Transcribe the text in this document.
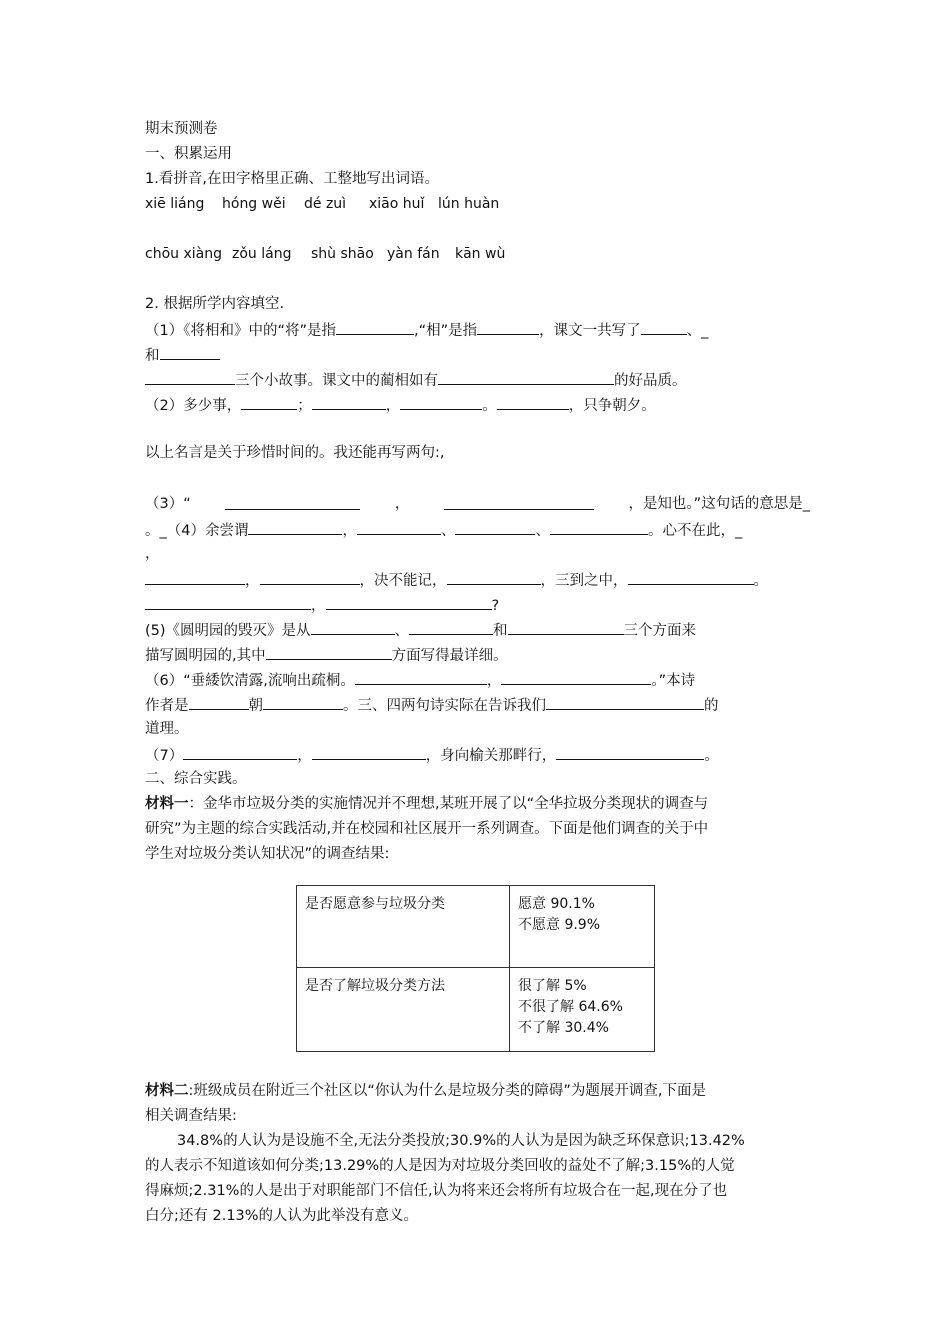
期末预测卷
一、积累运用
1.看拼音,在田字格里正确、工整地写出词语。
xiē liáng hóng wěi dé zuì xiāo huǐ lún huàn
chōu xiàng zǒu láng shù shāo yàn fán kān wù
2. 根据所学内容填空.
（1）《将相和》中的“将”是指	,“相”是指	，课文一共写了	、_
和
三个小故事。课文中的蔺相如有	的好品质。
（2）多少事，	；	，	。	，只争朝夕。
以上名言是关于珍惜时间的。我还能再写两句:,
（3）“	，	，是知也。”这句话的意思是_
。_（4）余尝谓	，	、	、	。心不在此，_
，
，	，决不能记，	，三到之中，	。
，	?
(5)《圆明园的毁灭》是从	、	和	三个方面来
描写圆明园的,其中	方面写得最详细。
（6）“垂緌饮清露,流响出疏桐。	，	。”本诗
作者是	朝	。三、四两句诗实际在告诉我们	的
道理。
（7）	，	，身向榆关那畔行，	。
二、综合实践。
材料一：金华市垃圾分类的实施情况并不理想,某班开展了以“全华拉圾分类现状的调查与
研究”为主题的综合实践活动,并在校园和社区展开一系列调查。下面是他们调查的关于中
学生对垃圾分类认知状况”的调查结果:
是否愿意参与垃圾分类	愿意 90.1%
不愿意 9.9%

是否了解垃圾分类方法	很了解 5%
不很了解 64.6%
不了解 30.4%
材料二:班级成员在附近三个社区以“你认为什么是垃圾分类的障碍”为题展开调查,下面是
相关调查结果:
34.8%的人认为是设施不全,无法分类投放;30.9%的人认为是因为缺乏环保意识;13.42%
的人表示不知道该如何分类;13.29%的人是因为对垃圾分类回收的益处不了解;3.15%的人觉
得麻烦;2.31%的人是出于对职能部门不信任,认为将来还会将所有垃圾合在一起,现在分了也
白分;还有 2.13%的人认为此举没有意义。
